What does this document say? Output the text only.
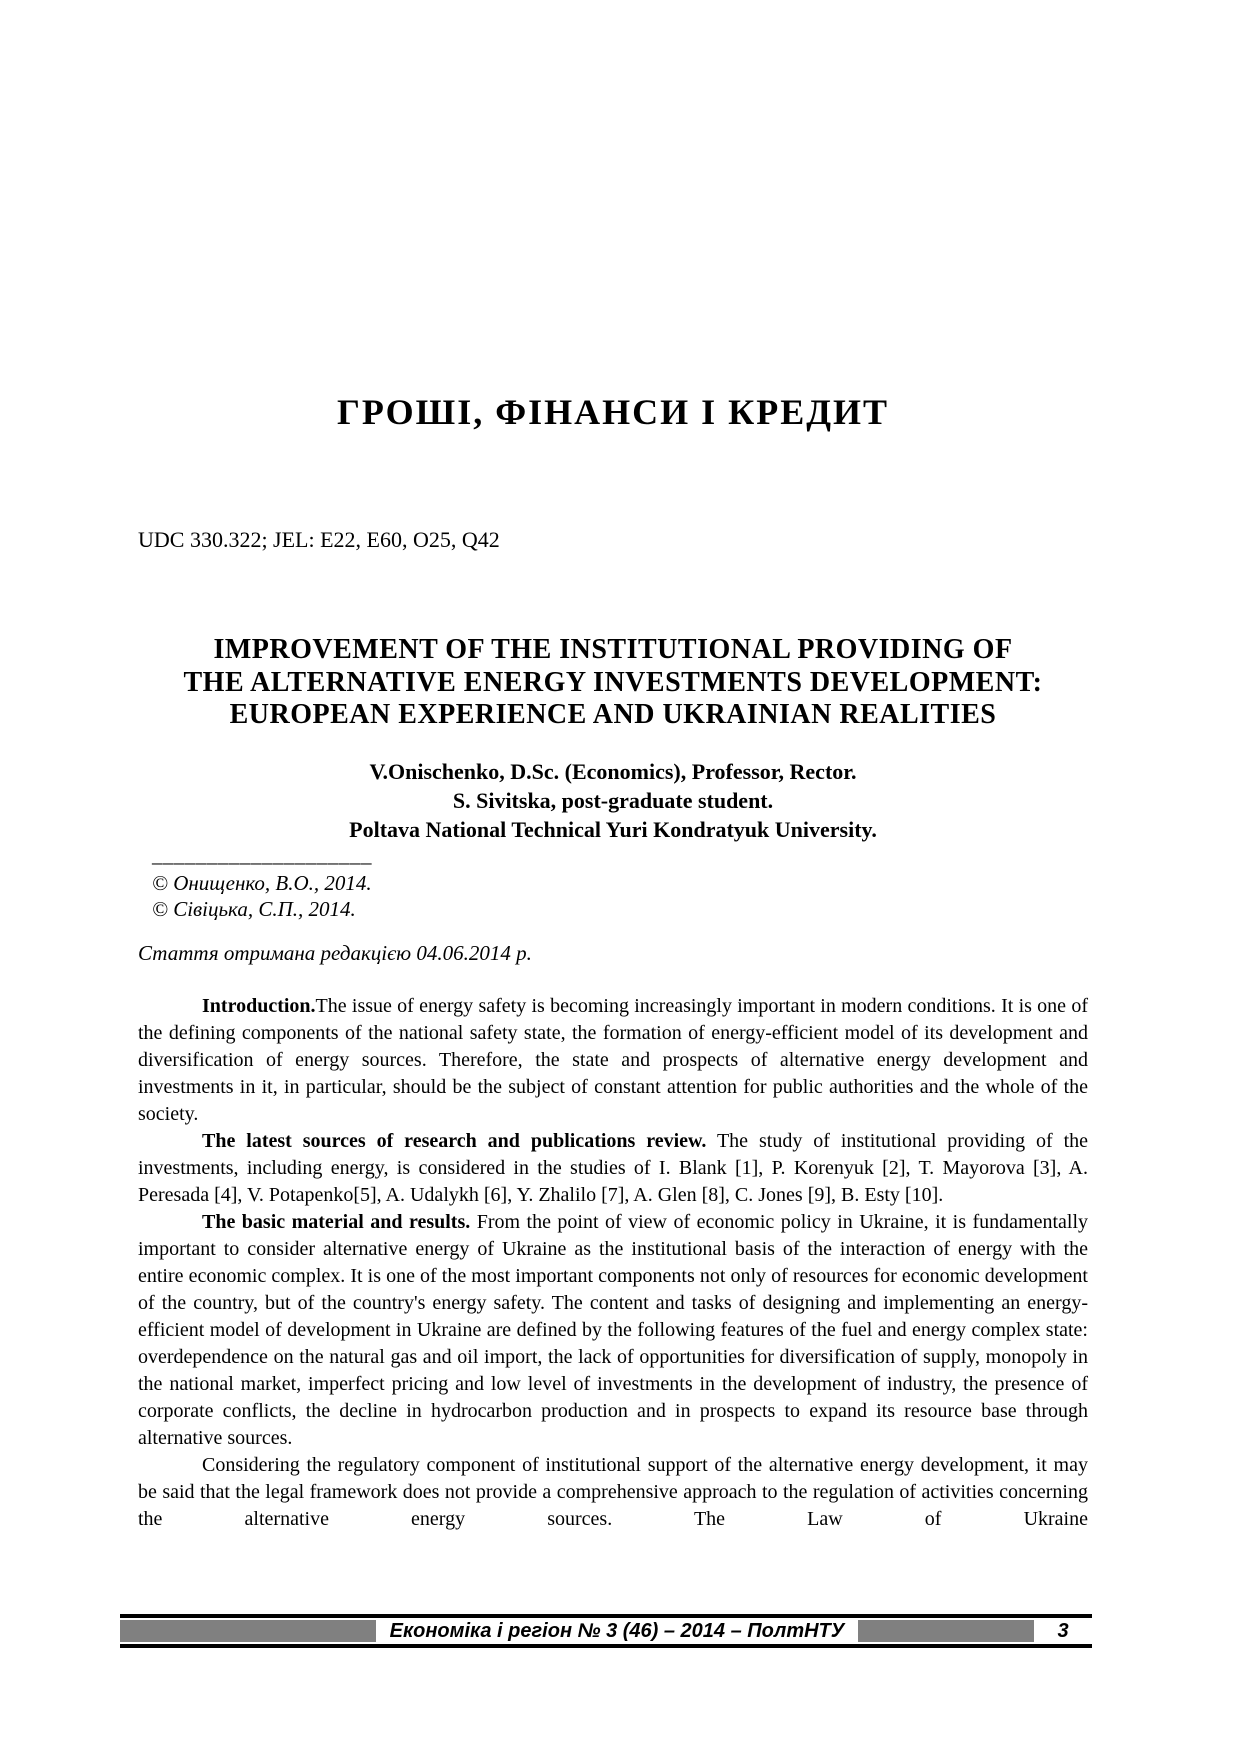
ГРОШІ, ФІНАНСИ І КРЕДИТ
UDC 330.322; JEL: E22, E60, O25, Q42
IMPROVEMENT OF THE INSTITUTIONAL PROVIDING OF
THE ALTERNATIVE ENERGY INVESTMENTS DEVELOPMENT:
EUROPEAN EXPERIENCE AND UKRAINIAN REALITIES
V.Onischenko, D.Sc. (Economics), Professor, Rector.
S. Sivitska, post-graduate student.
Poltava National Technical Yuri Kondratyuk University.
____________________
© Онищенко, В.О., 2014.
© Сівіцька, С.П., 2014.
Стаття отримана редакцією 04.06.2014 р.

Introduction.The issue of energy safety is becoming increasingly important in modern conditions. It is one of the defining components of the national safety state, the formation of energy-efficient model of its development and diversification of energy sources. Therefore, the state and prospects of alternative energy development and investments in it, in particular, should be the subject of constant attention for public authorities and the whole of the society.

The latest sources of research and publications review. The study of institutional providing of the investments, including energy, is considered in the studies of I. Blank [1], P. Korenyuk [2], T. Mayorova [3], A. Peresada [4], V. Potapenko[5], A. Udalykh [6], Y. Zhalilo [7], A. Glen [8], C. Jones [9], B. Esty [10].

The basic material and results. From the point of view of economic policy in Ukraine, it is fundamentally important to consider alternative energy of Ukraine as the institutional basis of the interaction of energy with the entire economic complex. It is one of the most important components not only of resources for economic development of the country, but of the country's energy safety. The content and tasks of designing and implementing an energy-efficient model of development in Ukraine are defined by the following features of the fuel and energy complex state: overdependence on the natural gas and oil import, the lack of opportunities for diversification of supply, monopoly in the national market, imperfect pricing and low level of investments in the development of industry, the presence of corporate conflicts, the decline in hydrocarbon production and in prospects to expand its resource base through alternative sources.

Considering the regulatory component of institutional support of the alternative energy development, it may be said that the legal framework does not provide a comprehensive approach to the regulation of activities concerning the alternative energy sources. The Law of Ukraine

Економіка і регіон № 3 (46) – 2014 – ПолтНТУ	3
